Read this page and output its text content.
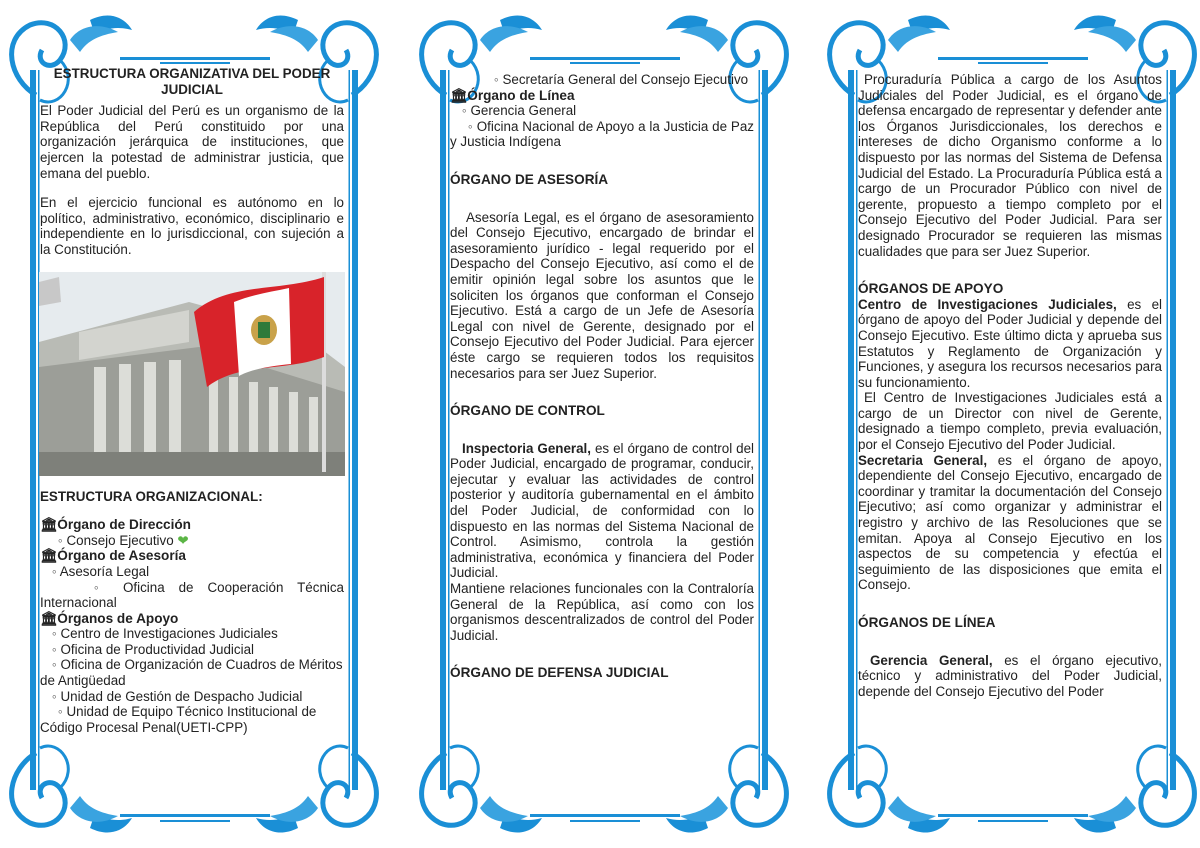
ESTRUCTURA ORGANIZATIVA DEL PODER JUDICIAL
El Poder Judicial del Perú es un organismo de la República del Perú constituido por una organización jerárquica de instituciones, que ejercen la potestad de administrar justicia, que emana del pueblo.
En el ejercicio funcional es autónomo en lo político, administrativo, económico, disciplinario e independiente en lo jurisdiccional, con sujeción a la Constitución.
ESTRUCTURA ORGANIZACIONAL:
🏛Órgano de Dirección
◦ Consejo Ejecutivo ❤
🏛Órgano de Asesoría
◦ Asesoría Legal
◦ Oficina de Cooperación Técnica Internacional
🏛Órganos de Apoyo
◦ Centro de Investigaciones Judiciales
◦ Oficina de Productividad Judicial
◦ Oficina de Organización de Cuadros de Méritos de Antigüedad
◦ Unidad de Gestión de Despacho Judicial
◦ Unidad de Equipo Técnico Institucional de Código Procesal Penal(UETI-CPP)
◦ Secretaría General del Consejo Ejecutivo
🏛Órgano de Línea
◦ Gerencia General
◦ Oficina Nacional de Apoyo a la Justicia de Paz y Justicia Indígena
ÓRGANO DE ASESORÍA
Asesoría Legal, es el órgano de asesoramiento del Consejo Ejecutivo, encargado de brindar el asesoramiento jurídico - legal requerido por el Despacho del Consejo Ejecutivo, así como el de emitir opinión legal sobre los asuntos que le soliciten los órganos que conforman el Consejo Ejecutivo. Está a cargo de un Jefe de Asesoría Legal con nivel de Gerente, designado por el Consejo Ejecutivo del Poder Judicial. Para ejercer éste cargo se requieren todos los requisitos necesarios para ser Juez Superior.
ÓRGANO DE CONTROL
Inspectoria General, es el órgano de control del Poder Judicial, encargado de programar, conducir, ejecutar y evaluar las actividades de control posterior y auditoría gubernamental en el ámbito del Poder Judicial, de conformidad con lo dispuesto en las normas del Sistema Nacional de Control. Asimismo, controla la gestión administrativa, económica y financiera del Poder Judicial.
Mantiene relaciones funcionales con la Contraloría General de la República, así como con los organismos descentralizados de control del Poder Judicial.
ÓRGANO DE DEFENSA JUDICIAL
Procuraduría Pública a cargo de los Asuntos Judiciales del Poder Judicial, es el órgano de defensa encargado de representar y defender ante los Órganos Jurisdiccionales, los derechos e intereses de dicho Organismo conforme a lo dispuesto por las normas del Sistema de Defensa Judicial del Estado. La Procuraduría Pública está a cargo de un Procurador Público con nivel de gerente, propuesto a tiempo completo por el Consejo Ejecutivo del Poder Judicial. Para ser designado Procurador se requieren las mismas cualidades que para ser Juez Superior.
ÓRGANOS DE APOYO
Centro de Investigaciones Judiciales, es el órgano de apoyo del Poder Judicial y depende del Consejo Ejecutivo. Este último dicta y aprueba sus Estatutos y Reglamento de Organización y Funciones, y asegura los recursos necesarios para su funcionamiento.
El Centro de Investigaciones Judiciales está a cargo de un Director con nivel de Gerente, designado a tiempo completo, previa evaluación, por el Consejo Ejecutivo del Poder Judicial.
Secretaria General, es el órgano de apoyo, dependiente del Consejo Ejecutivo, encargado de coordinar y tramitar la documentación del Consejo Ejecutivo; así como organizar y administrar el registro y archivo de las Resoluciones que se emitan. Apoya al Consejo Ejecutivo en los aspectos de su competencia y efectúa el seguimiento de las disposiciones que emita el Consejo.
ÓRGANOS DE LÍNEA
Gerencia General, es el órgano ejecutivo, técnico y administrativo del Poder Judicial, depende del Consejo Ejecutivo del Poder
